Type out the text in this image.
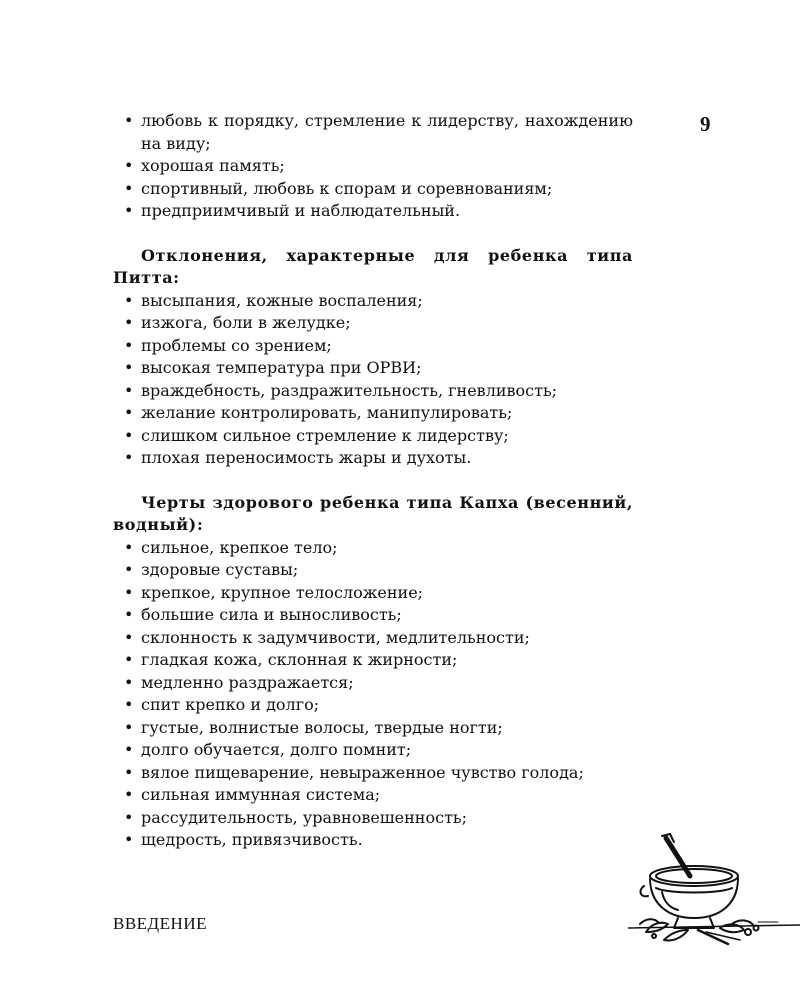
9
• любовь к порядку, стремление к лидерству, нахождению на виду;
• хорошая память;
• спортивный, любовь к спорам и соревнованиям;
• предприимчивый и наблюдательный.

Отклонения, характерные для ребенка типа Питта:

• высыпания, кожные воспаления;
• изжога, боли в желудке;
• проблемы со зрением;
• высокая температура при ОРВИ;
• враждебность, раздражительность, гневливость;
• желание контролировать, манипулировать;
• слишком сильное стремление к лидерству;
• плохая переносимость жары и духоты.

Черты здорового ребенка типа Капха (весенний, водный):

• сильное, крепкое тело;
• здоровые суставы;
• крепкое, крупное телосложение;
• большие сила и выносливость;
• склонность к задумчивости, медлительности;
• гладкая кожа, склонная к жирности;
• медленно раздражается;
• спит крепко и долго;
• густые, волнистые волосы, твердые ногти;
• долго обучается, долго помнит;
• вялое пищеварение, невыраженное чувство голода;
• сильная иммунная система;
• рассудительность, уравновешенность;
• щедрость, привязчивость.
ВВЕДЕНИЕ
